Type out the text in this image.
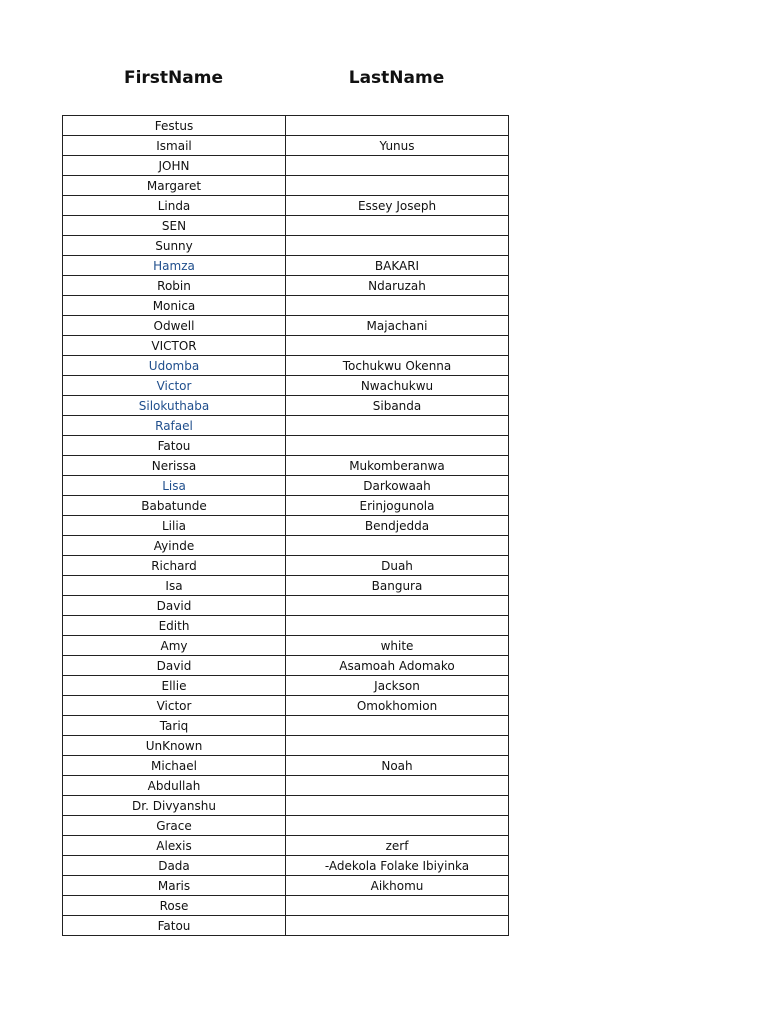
FirstName	LastName
Festus	
Ismail	Yunus
JOHN	
Margaret	
Linda	Essey Joseph
SEN	
Sunny	
Hamza	BAKARI
Robin	Ndaruzah
Monica	
Odwell	Majachani
VICTOR	
Udomba	Tochukwu Okenna
Victor	Nwachukwu
Silokuthaba	Sibanda
Rafael	
Fatou	
Nerissa	Mukomberanwa
Lisa	Darkowaah
Babatunde	Erinjogunola
Lilia	Bendjedda
Ayinde	
Richard	Duah
Isa	Bangura
David	
Edith	
Amy	white
David	Asamoah Adomako
Ellie	Jackson
Victor	Omokhomion
Tariq	
UnKnown	
Michael	Noah
Abdullah	
Dr. Divyanshu	
Grace	
Alexis	zerf
Dada	-Adekola Folake Ibiyinka
Maris	Aikhomu
Rose	
Fatou	
